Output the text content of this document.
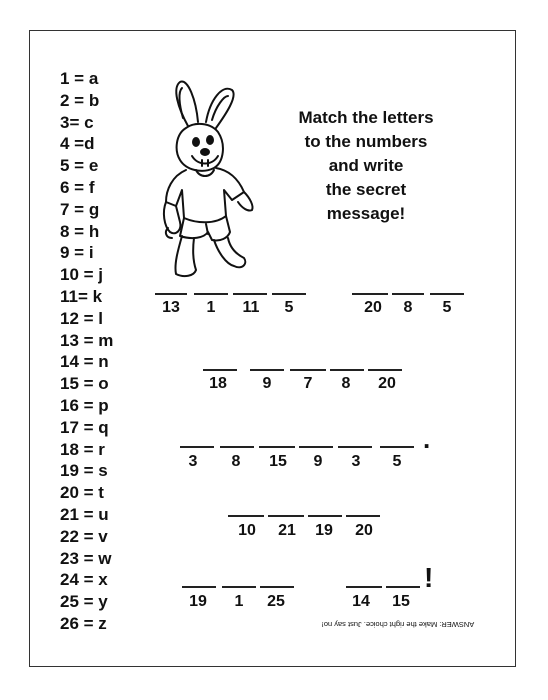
1 = a
2 = b
3= c
4 =d
5 = e
6 = f
7 = g
8 = h
9 = i
10 = j
11= k
12 = l
13 = m
14 = n
15 = o
16 = p
17 = q
18 = r
19 = s
20 = t
21 = u
22 = v
23 = w
24 = x
25 = y
26 = z
Match the letters
to the numbers
and write
the secret
message!
13 1 11 5	20 8 5
18 9 7 8 20
3 8 15 9 3 5
.
10 21 19 20
19 1 25	14 15
!
ANSWER: Make the right choice. Just say no!
